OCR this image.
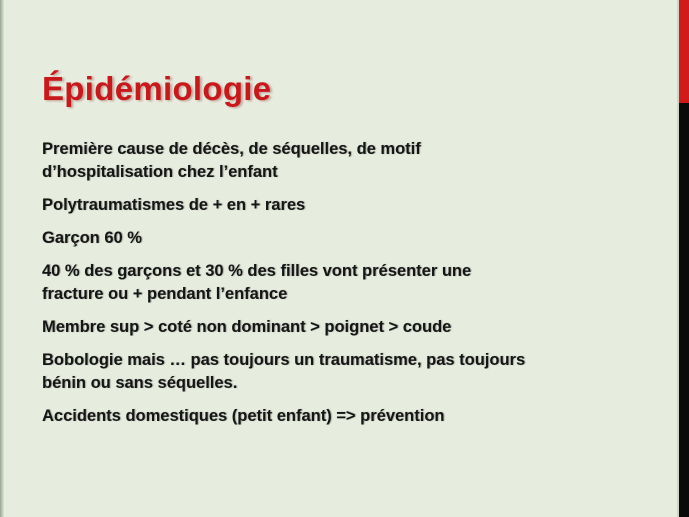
Épidémiologie
Première cause de décès, de séquelles, de motif
d’hospitalisation chez l’enfant
Polytraumatismes de + en + rares
Garçon 60 %
40 % des garçons et 30 % des filles vont présenter une
fracture ou + pendant l’enfance
Membre sup > coté non dominant > poignet > coude
Bobologie mais … pas toujours un traumatisme, pas toujours
bénin ou sans séquelles.
Accidents domestiques (petit enfant) => prévention
